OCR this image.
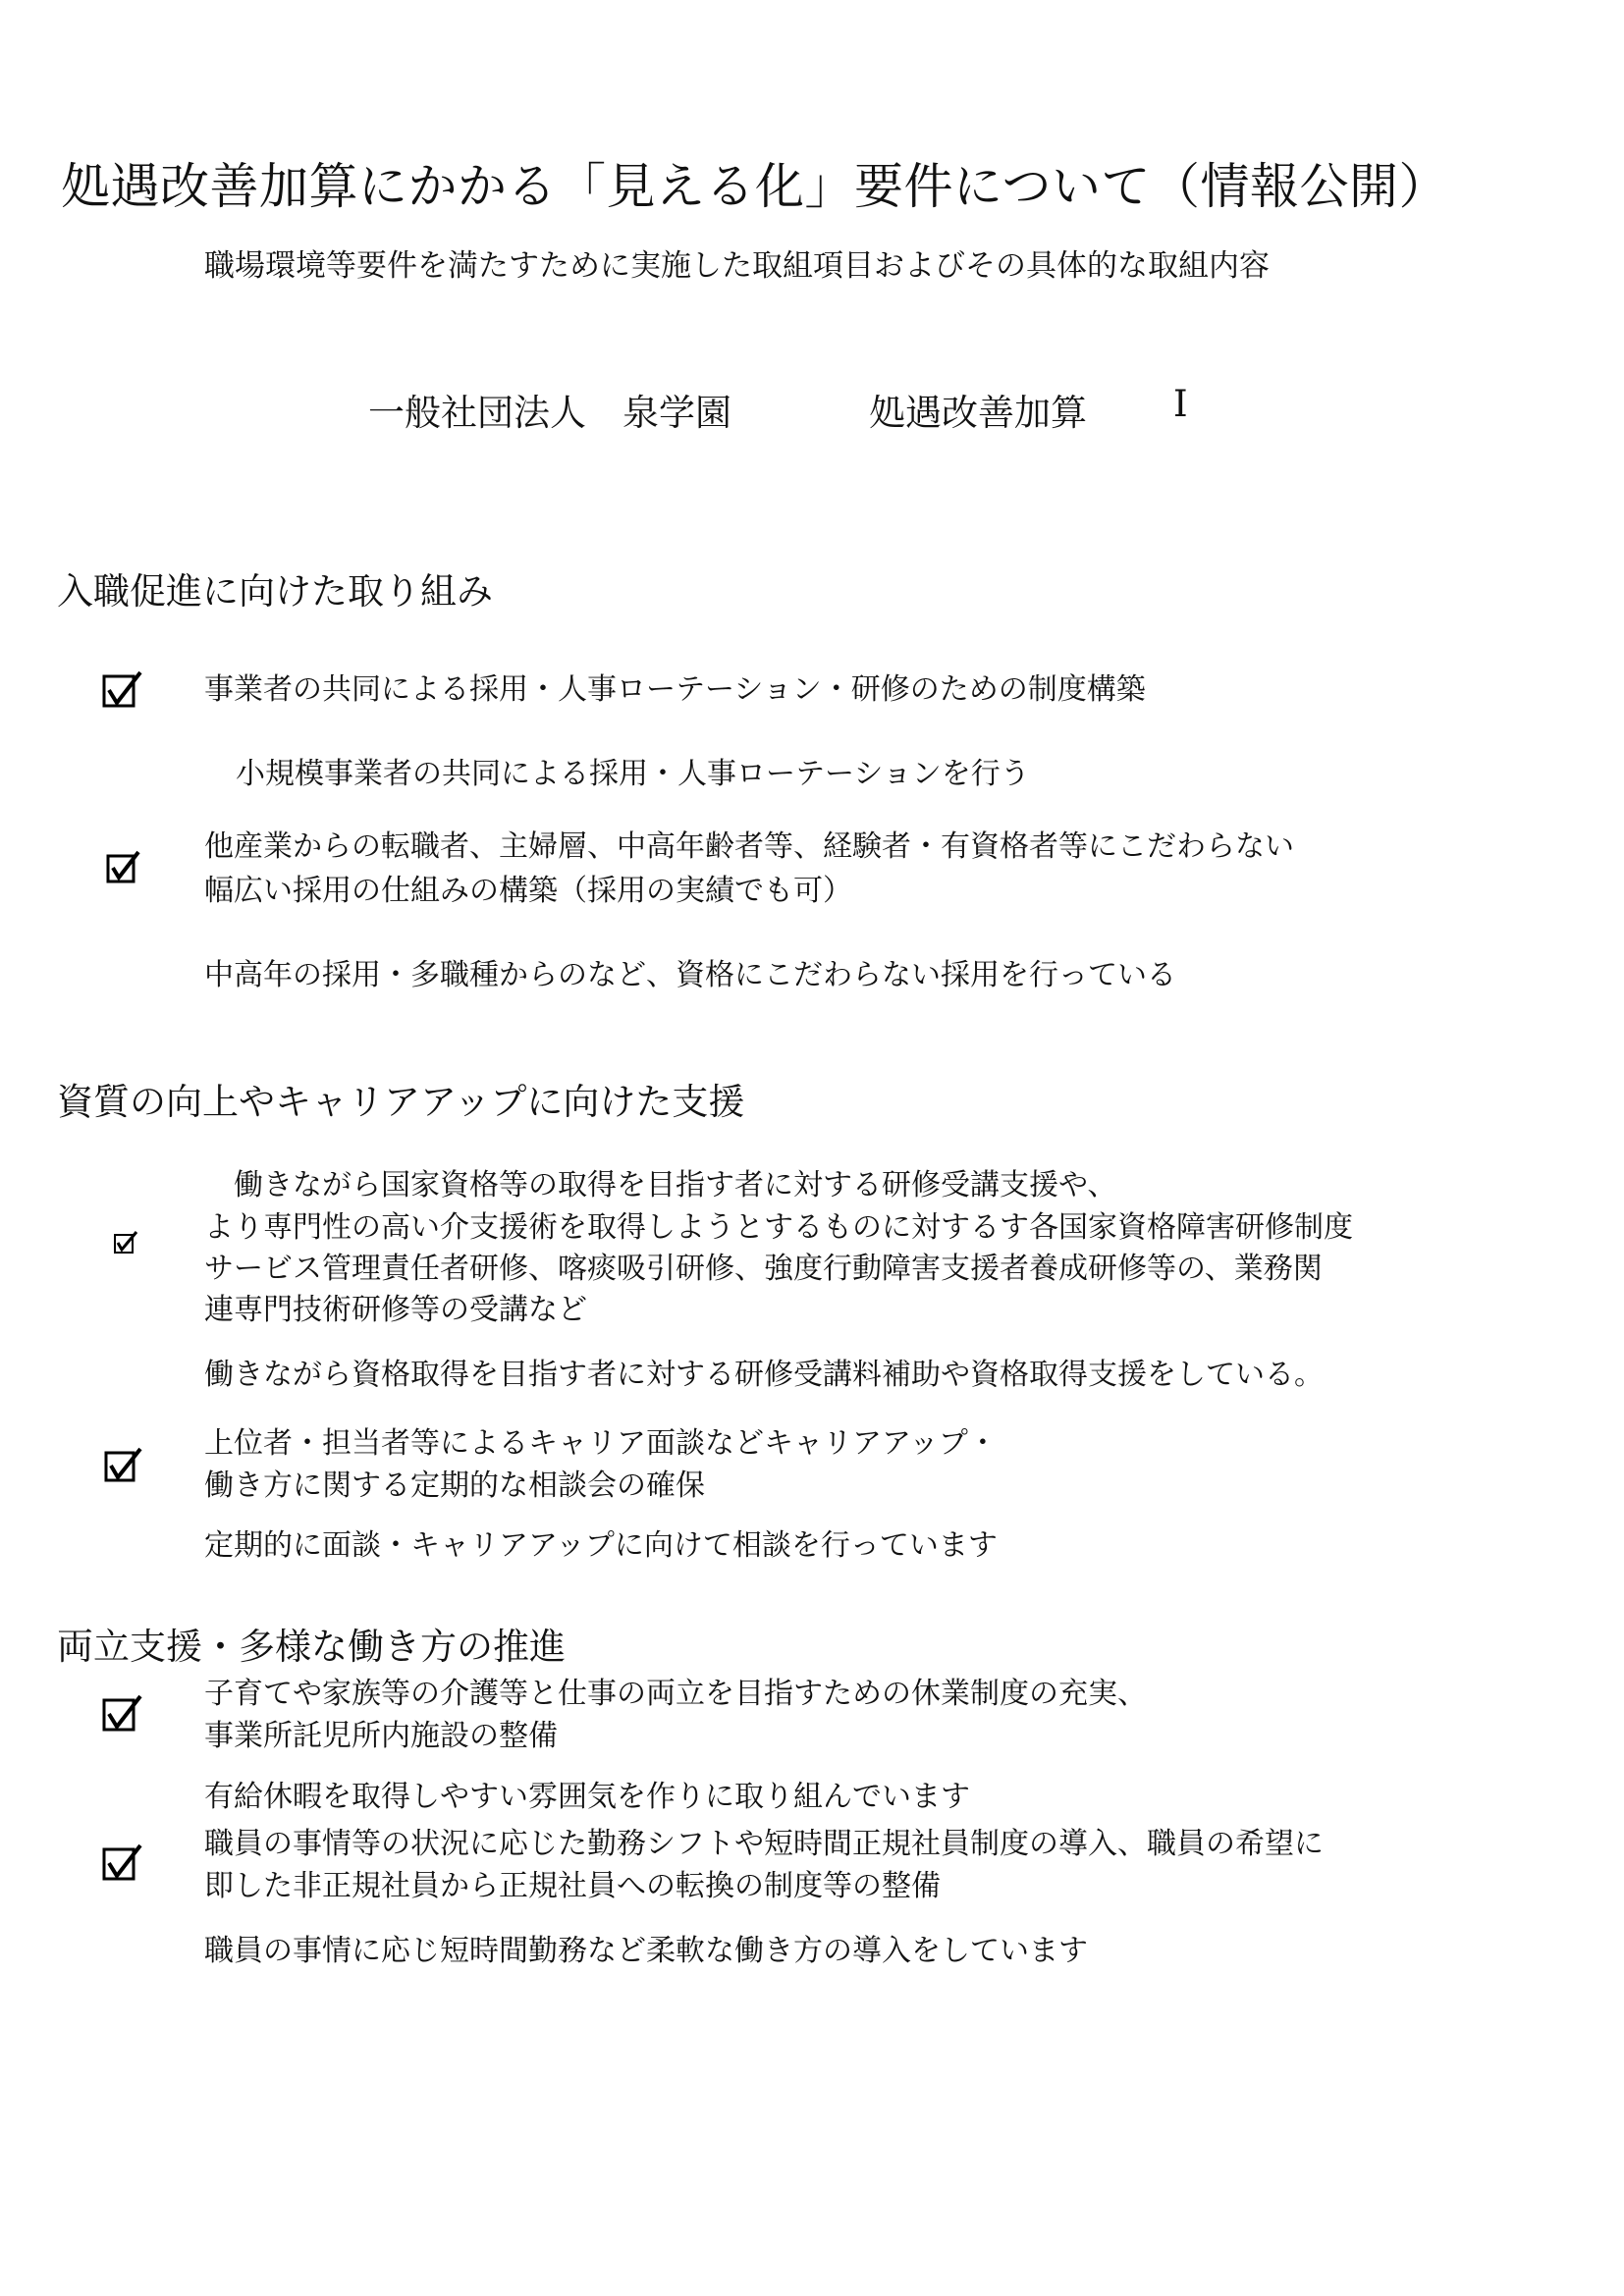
処遇改善加算にかかる「見える化」要件について（情報公開）
職場環境等要件を満たすために実施した取組項目およびその具体的な取組内容
一般社団法人　泉学園	処遇改善加算 Ⅰ
入職促進に向けた取り組み
事業者の共同による採用・人事ローテーション・研修のための制度構築
小規模事業者の共同による採用・人事ローテーションを行う
他産業からの転職者、主婦層、中高年齢者等、経験者・有資格者等にこだわらない
幅広い採用の仕組みの構築（採用の実績でも可）
中高年の採用・多職種からのなど、資格にこだわらない採用を行っている
資質の向上やキャリアアップに向けた支援
働きながら国家資格等の取得を目指す者に対する研修受講支援や、
より専門性の高い介支援術を取得しようとするものに対するす各国家資格障害研修制度
サービス管理責任者研修、喀痰吸引研修、強度行動障害支援者養成研修等の、業務関
連専門技術研修等の受講など
働きながら資格取得を目指す者に対する研修受講料補助や資格取得支援をしている。
上位者・担当者等によるキャリア面談などキャリアアップ・
働き方に関する定期的な相談会の確保
定期的に面談・キャリアアップに向けて相談を行っています
両立支援・多様な働き方の推進
子育てや家族等の介護等と仕事の両立を目指すための休業制度の充実、
事業所託児所内施設の整備
有給休暇を取得しやすい雰囲気を作りに取り組んでいます
職員の事情等の状況に応じた勤務シフトや短時間正規社員制度の導入、職員の希望に
即した非正規社員から正規社員への転換の制度等の整備
職員の事情に応じ短時間勤務など柔軟な働き方の導入をしています
